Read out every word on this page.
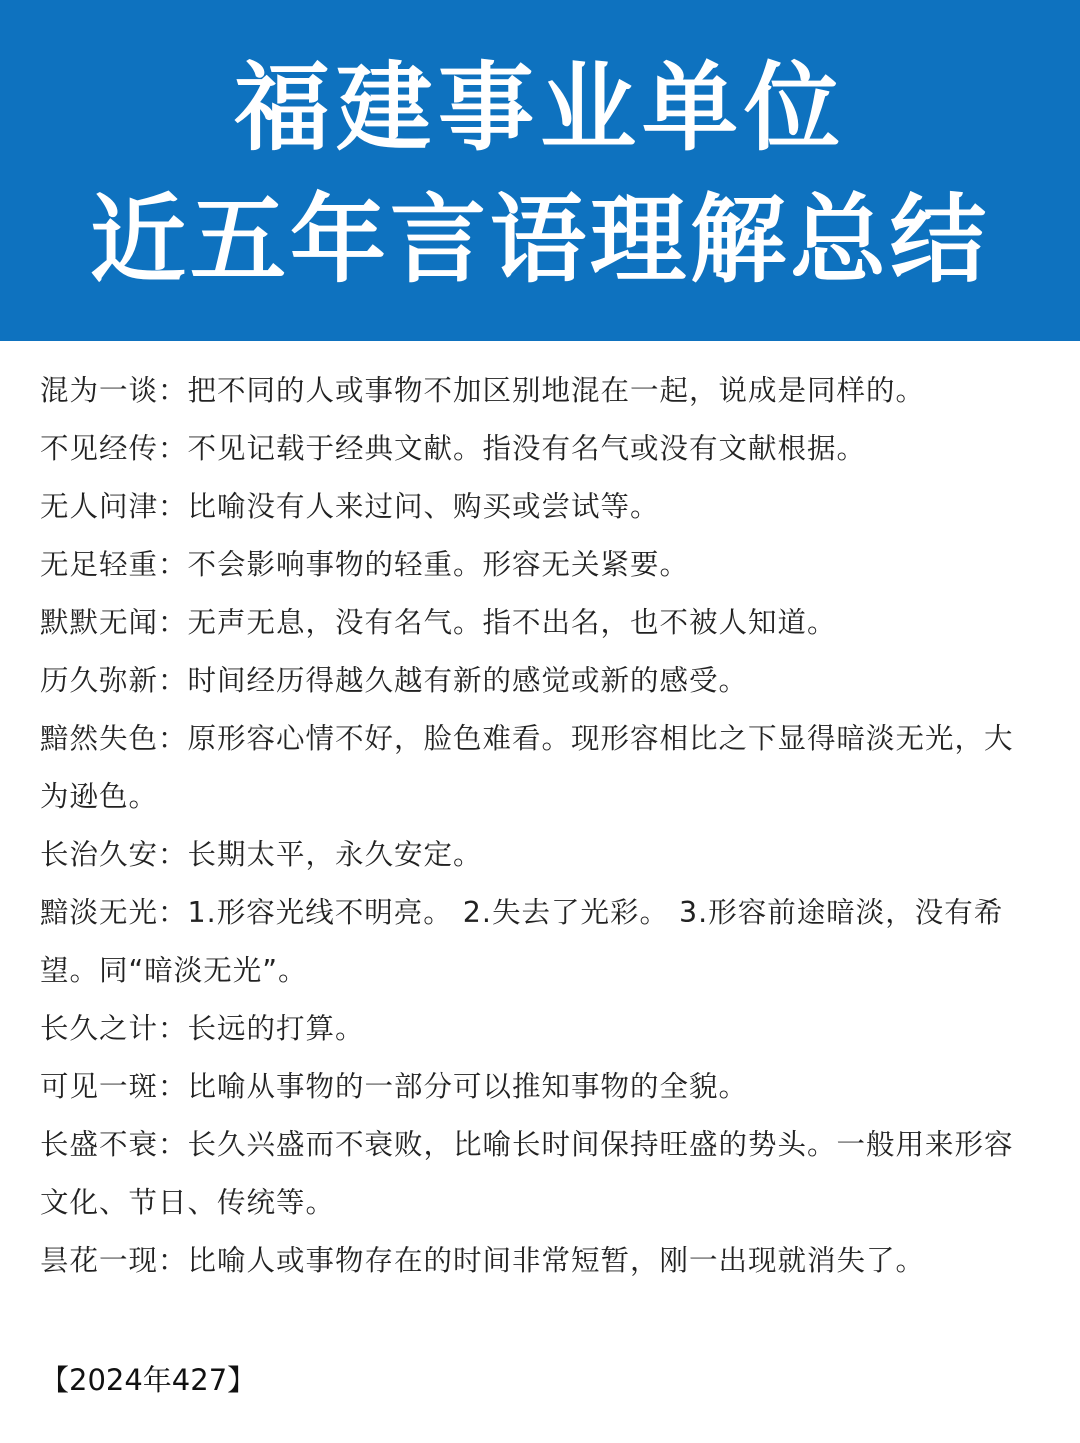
福建事业单位
近五年言语理解总结
混为一谈：把不同的人或事物不加区别地混在一起，说成是同样的。
不见经传：不见记载于经典文献。指没有名气或没有文献根据。
无人问津：比喻没有人来过问、购买或尝试等。
无足轻重：不会影响事物的轻重。形容无关紧要。
默默无闻：无声无息，没有名气。指不出名，也不被人知道。
历久弥新：时间经历得越久越有新的感觉或新的感受。
黯然失色：原形容心情不好，脸色难看。现形容相比之下显得暗淡无光，大为逊色。
长治久安：长期太平，永久安定。
黯淡无光：1.形容光线不明亮。 2.失去了光彩。 3.形容前途暗淡，没有希望。同“暗淡无光”。
长久之计：长远的打算。
可见一斑：比喻从事物的一部分可以推知事物的全貌。
长盛不衰：长久兴盛而不衰败，比喻长时间保持旺盛的势头。一般用来形容文化、节日、传统等。
昙花一现：比喻人或事物存在的时间非常短暂，刚一出现就消失了。
【2024年427】
